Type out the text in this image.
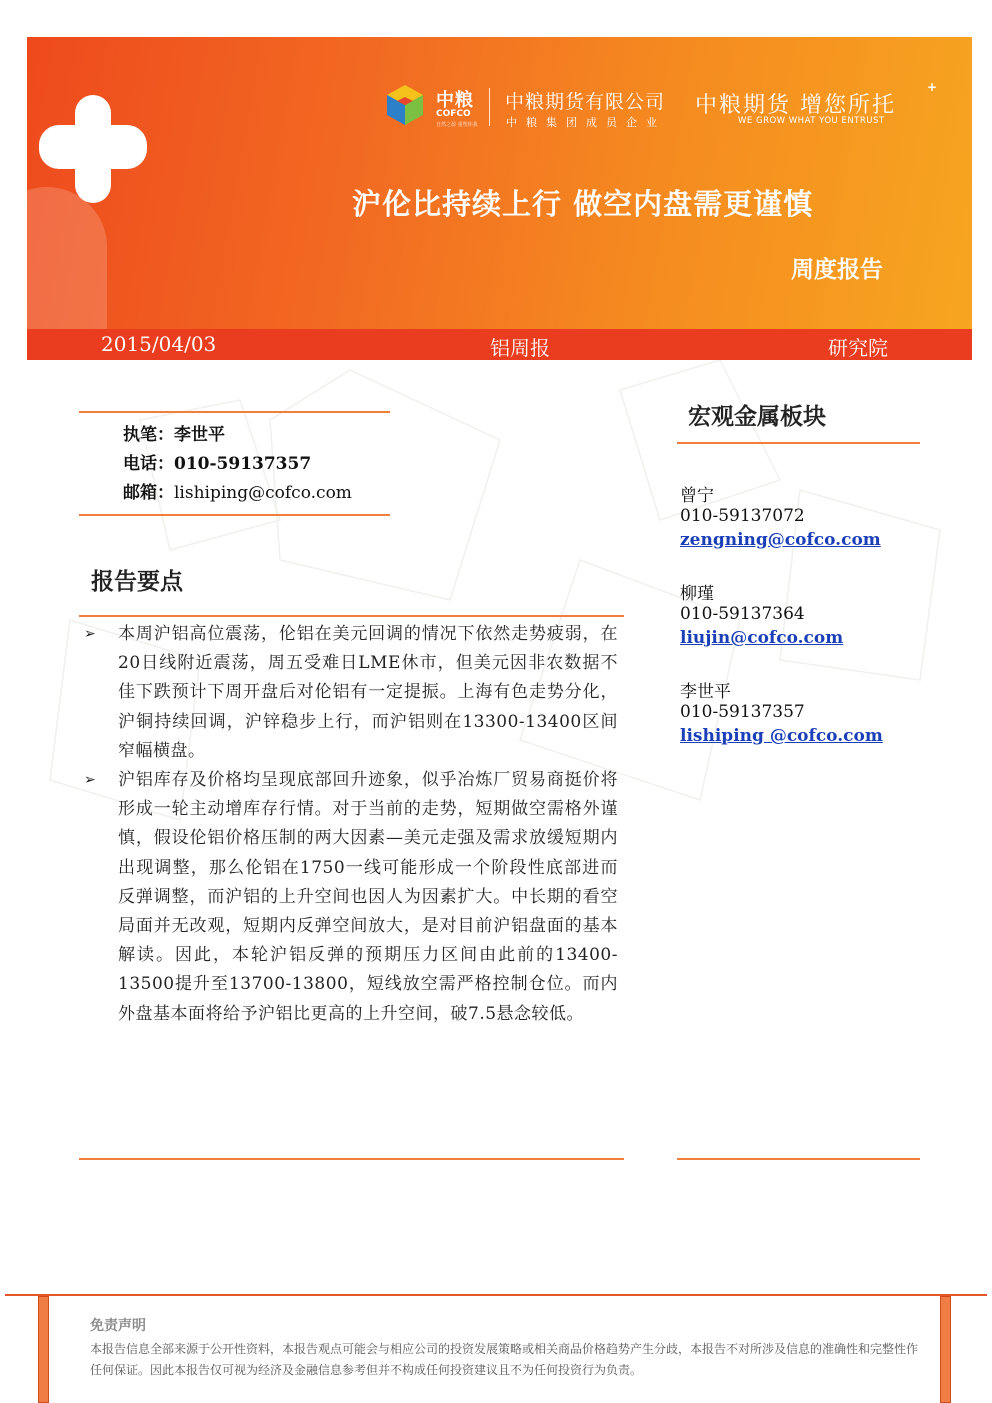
中粮
COFCO
自然之源 重塑你我
中粮期货有限公司
中粮集团成员企业
中粮期货 增您所托
+
WE GROW WHAT YOU ENTRUST
沪伦比持续上行 做空内盘需更谨慎
周度报告
2015/04/03	铝周报	研究院
执笔：李世平
电话：010-59137357
邮箱：lishiping@cofco.com
报告要点
➢ 本周沪铝高位震荡，伦铝在美元回调的情况下依然走势疲弱，在20日线附近震荡，周五受难日LME休市，但美元因非农数据不佳下跌预计下周开盘后对伦铝有一定提振。上海有色走势分化，沪铜持续回调，沪锌稳步上行，而沪铝则在13300-13400区间窄幅横盘。
➢ 沪铝库存及价格均呈现底部回升迹象，似乎冶炼厂贸易商挺价将形成一轮主动增库存行情。对于当前的走势，短期做空需格外谨慎，假设伦铝价格压制的两大因素—美元走强及需求放缓短期内出现调整，那么伦铝在1750一线可能形成一个阶段性底部进而反弹调整，而沪铝的上升空间也因人为因素扩大。中长期的看空局面并无改观，短期内反弹空间放大，是对目前沪铝盘面的基本解读。因此，本轮沪铝反弹的预期压力区间由此前的13400-13500提升至13700-13800，短线放空需严格控制仓位。而内外盘基本面将给予沪铝比更高的上升空间，破7.5悬念较低。
宏观金属板块
曾宁
010-59137072
zengning@cofco.com
柳瑾
010-59137364
liujin@cofco.com
李世平
010-59137357
lishiping @cofco.com
免责声明
本报告信息全部来源于公开性资料，本报告观点可能会与相应公司的投资发展策略或相关商品价格趋势产生分歧，本报告不对所涉及信息的准确性和完整性作任何保证。因此本报告仅可视为经济及金融信息参考但并不构成任何投资建议且不为任何投资行为负责。
